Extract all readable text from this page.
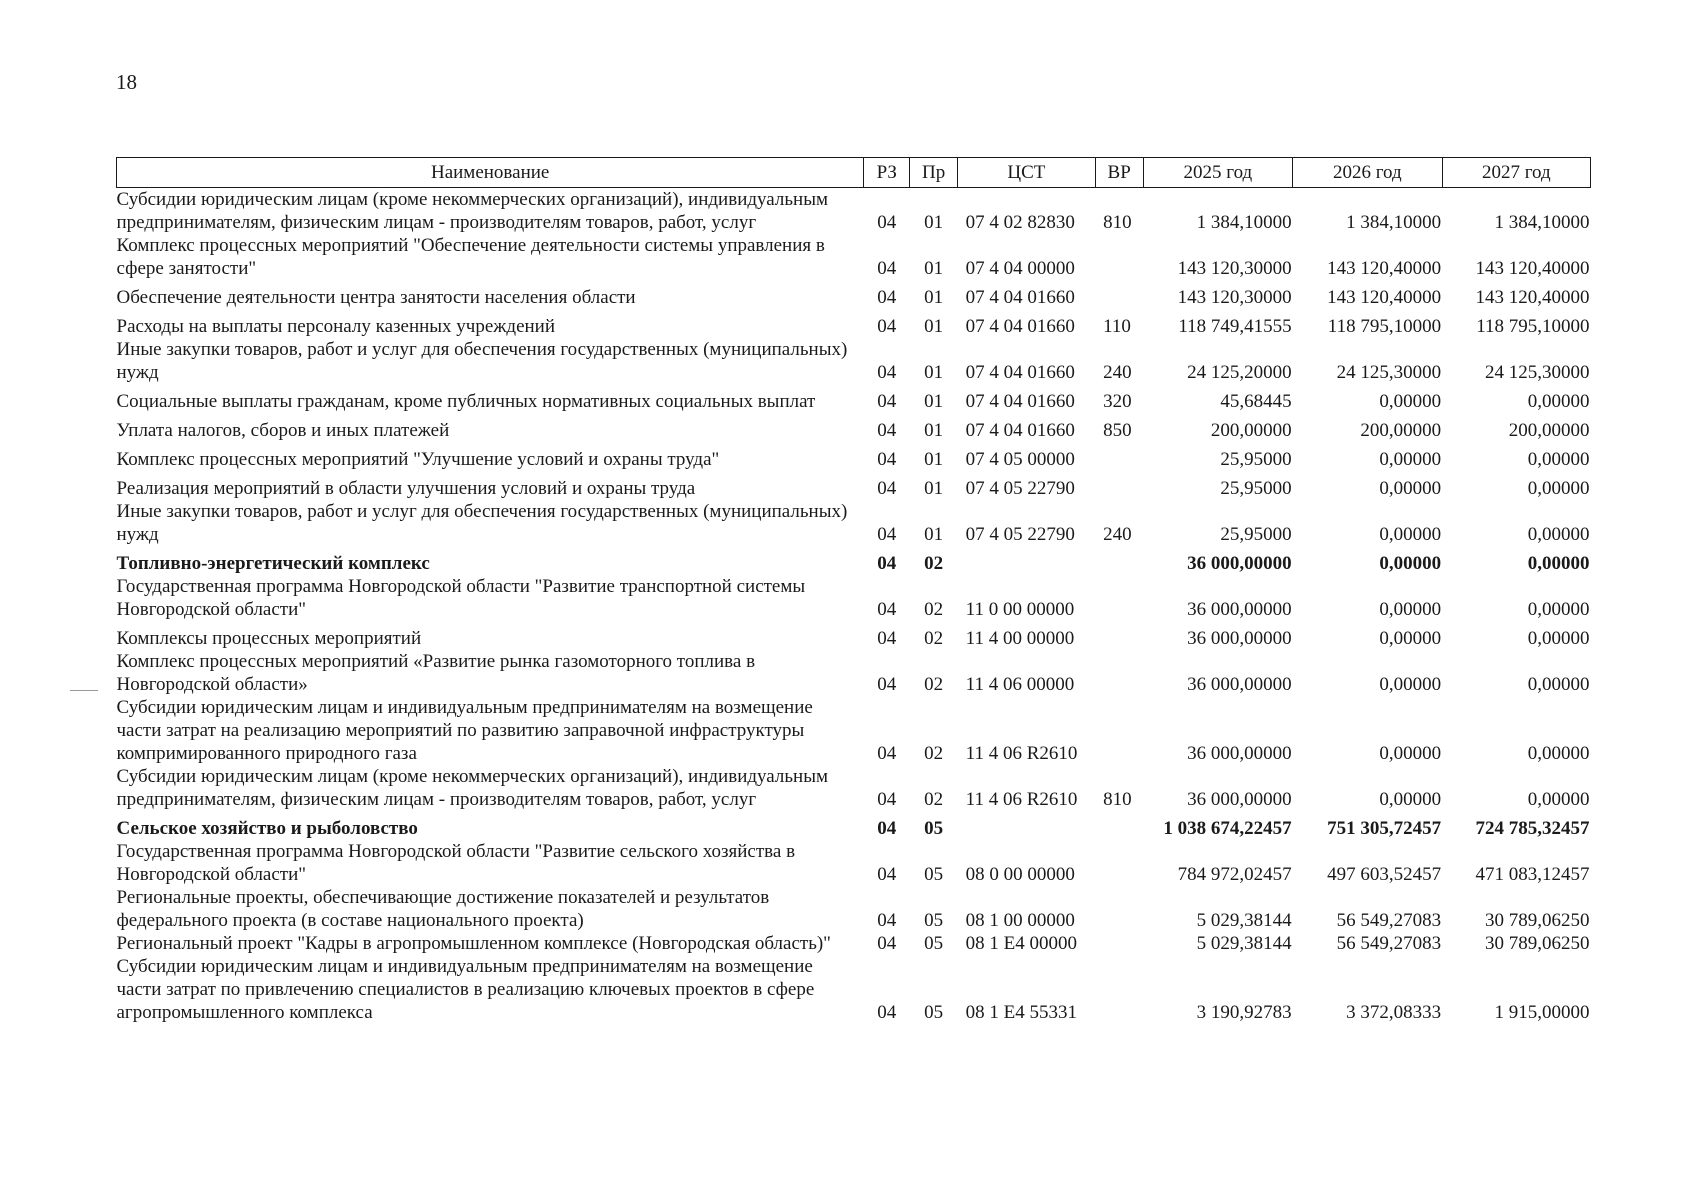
18
Наименование	РЗ	Пр	ЦСТ	ВР	2025 год	2026 год	2027 год
Субсидии юридическим лицам (кроме некоммерческих организаций), индивидуальным предпринимателям, физическим лицам - производителям товаров, работ, услуг	04	01	07 4 02 82830	810	1 384,10000	1 384,10000	1 384,10000
Комплекс процессных мероприятий "Обеспечение деятельности системы управления в сфере занятости"	04	01	07 4 04 00000		143 120,30000	143 120,40000	143 120,40000
Обеспечение деятельности центра занятости населения области	04	01	07 4 04 01660		143 120,30000	143 120,40000	143 120,40000
Расходы на выплаты персоналу казенных учреждений	04	01	07 4 04 01660	110	118 749,41555	118 795,10000	118 795,10000
Иные закупки товаров, работ и услуг для обеспечения государственных (муниципальных) нужд	04	01	07 4 04 01660	240	24 125,20000	24 125,30000	24 125,30000
Социальные выплаты гражданам, кроме публичных нормативных социальных выплат	04	01	07 4 04 01660	320	45,68445	0,00000	0,00000
Уплата налогов, сборов и иных платежей	04	01	07 4 04 01660	850	200,00000	200,00000	200,00000
Комплекс процессных мероприятий "Улучшение условий и охраны труда"	04	01	07 4 05 00000		25,95000	0,00000	0,00000
Реализация мероприятий в области улучшения условий и охраны труда	04	01	07 4 05 22790		25,95000	0,00000	0,00000
Иные закупки товаров, работ и услуг для обеспечения государственных (муниципальных) нужд	04	01	07 4 05 22790	240	25,95000	0,00000	0,00000
Топливно-энергетический комплекс	04	02			36 000,00000	0,00000	0,00000
Государственная программа Новгородской области "Развитие транспортной системы Новгородской области"	04	02	11 0 00 00000		36 000,00000	0,00000	0,00000
Комплексы процессных мероприятий	04	02	11 4 00 00000		36 000,00000	0,00000	0,00000
Комплекс процессных мероприятий «Развитие рынка газомоторного топлива в Новгородской области»	04	02	11 4 06 00000		36 000,00000	0,00000	0,00000
Субсидии юридическим лицам и индивидуальным предпринимателям на возмещение части затрат на реализацию мероприятий по развитию заправочной инфраструктуры компримированного природного газа	04	02	11 4 06 R2610		36 000,00000	0,00000	0,00000
Субсидии юридическим лицам (кроме некоммерческих организаций), индивидуальным предпринимателям, физическим лицам - производителям товаров, работ, услуг	04	02	11 4 06 R2610	810	36 000,00000	0,00000	0,00000
Сельское хозяйство и рыболовство	04	05			1 038 674,22457	751 305,72457	724 785,32457
Государственная программа Новгородской области "Развитие сельского хозяйства в Новгородской области"	04	05	08 0 00 00000		784 972,02457	497 603,52457	471 083,12457
Региональные проекты, обеспечивающие достижение показателей и результатов федерального проекта (в составе национального проекта)	04	05	08 1 00 00000		5 029,38144	56 549,27083	30 789,06250
Региональный проект "Кадры в агропромышленном комплексе (Новгородская область)"	04	05	08 1 Е4 00000		5 029,38144	56 549,27083	30 789,06250
Субсидии юридическим лицам и индивидуальным предпринимателям на возмещение части затрат по привлечению специалистов в реализацию ключевых проектов в сфере агропромышленного комплекса	04	05	08 1 Е4 55331		3 190,92783	3 372,08333	1 915,00000
